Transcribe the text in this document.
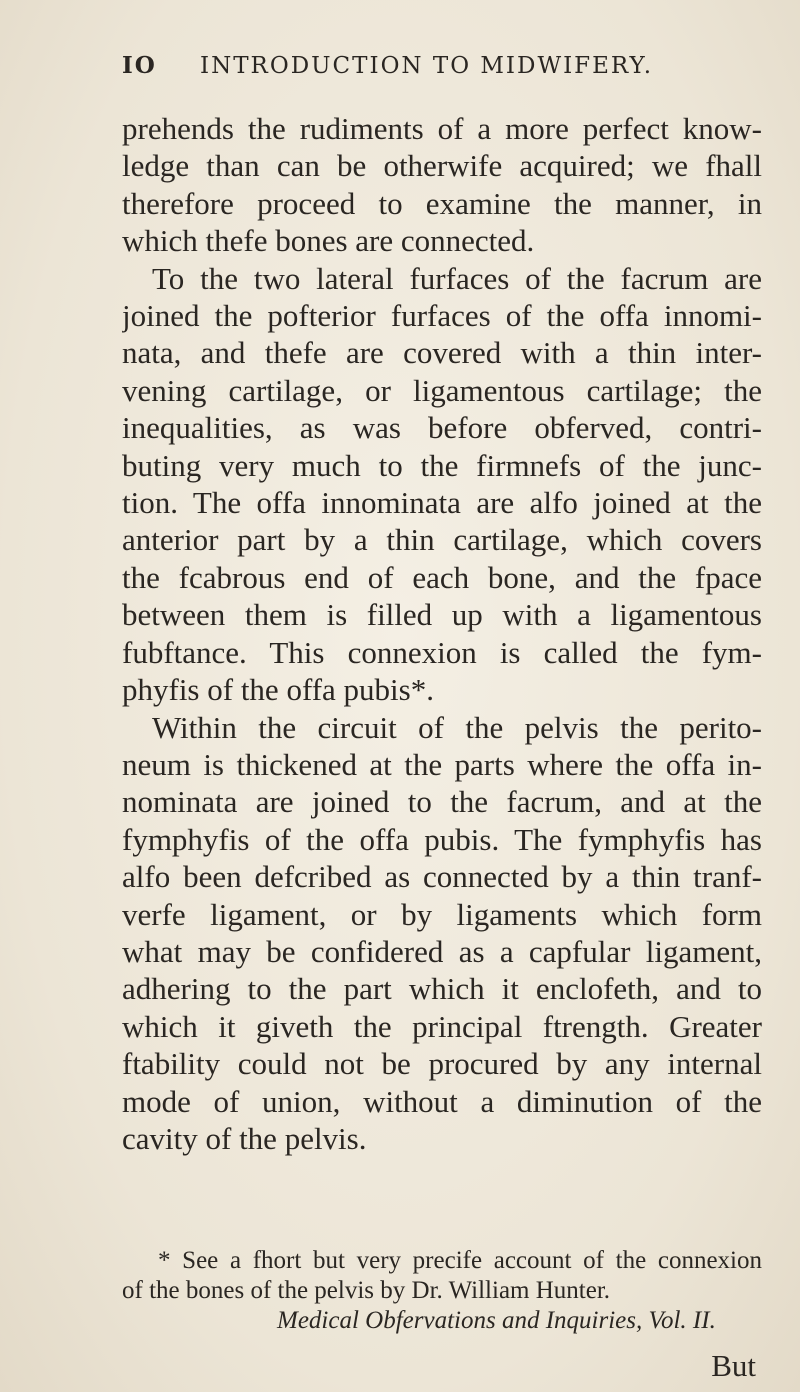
IO INTRODUCTION TO MIDWIFERY.
prehends the rudiments of a more perfect know-
ledge than can be otherwife acquired; we fhall
therefore proceed to examine the manner, in
which thefe bones are connected.
To the two lateral furfaces of the facrum are
joined the pofterior furfaces of the offa innomi-
nata, and thefe are covered with a thin inter-
vening cartilage, or ligamentous cartilage; the
inequalities, as was before obferved, contri-
buting very much to the firmnefs of the junc-
tion. The offa innominata are alfo joined at the
anterior part by a thin cartilage, which covers
the fcabrous end of each bone, and the fpace
between them is filled up with a ligamentous
fubftance. This connexion is called the fym-
phyfis of the offa pubis*.
Within the circuit of the pelvis the perito-
neum is thickened at the parts where the offa in-
nominata are joined to the facrum, and at the
fymphyfis of the offa pubis. The fymphyfis has
alfo been defcribed as connected by a thin tranf-
verfe ligament, or by ligaments which form
what may be confidered as a capfular ligament,
adhering to the part which it enclofeth, and to
which it giveth the principal ftrength. Greater
ftability could not be procured by any internal
mode of union, without a diminution of the
cavity of the pelvis.
* See a fhort but very precife account of the connexion
of the bones of the pelvis by Dr. William Hunter.
Medical Obfervations and Inquiries, Vol. II.
But
